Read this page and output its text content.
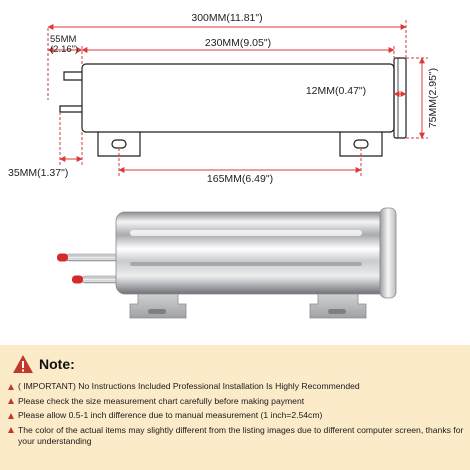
300MM(11.81")
230MM(9.05")
55MM
(2.16")
12MM(0.47")
35MM(1.37")	165MM(6.49")
75MM(2.95")
Note:
( IMPORTANT) No Instructions Included Professional Installation Is Highly Recommended
Please check the size measurement chart carefully before making payment
Please allow 0.5-1 inch difference due to manual measurement (1 inch=2.54cm)
The color of the actual items may slightly different from the listing images due to different computer screen, thanks for your understanding
